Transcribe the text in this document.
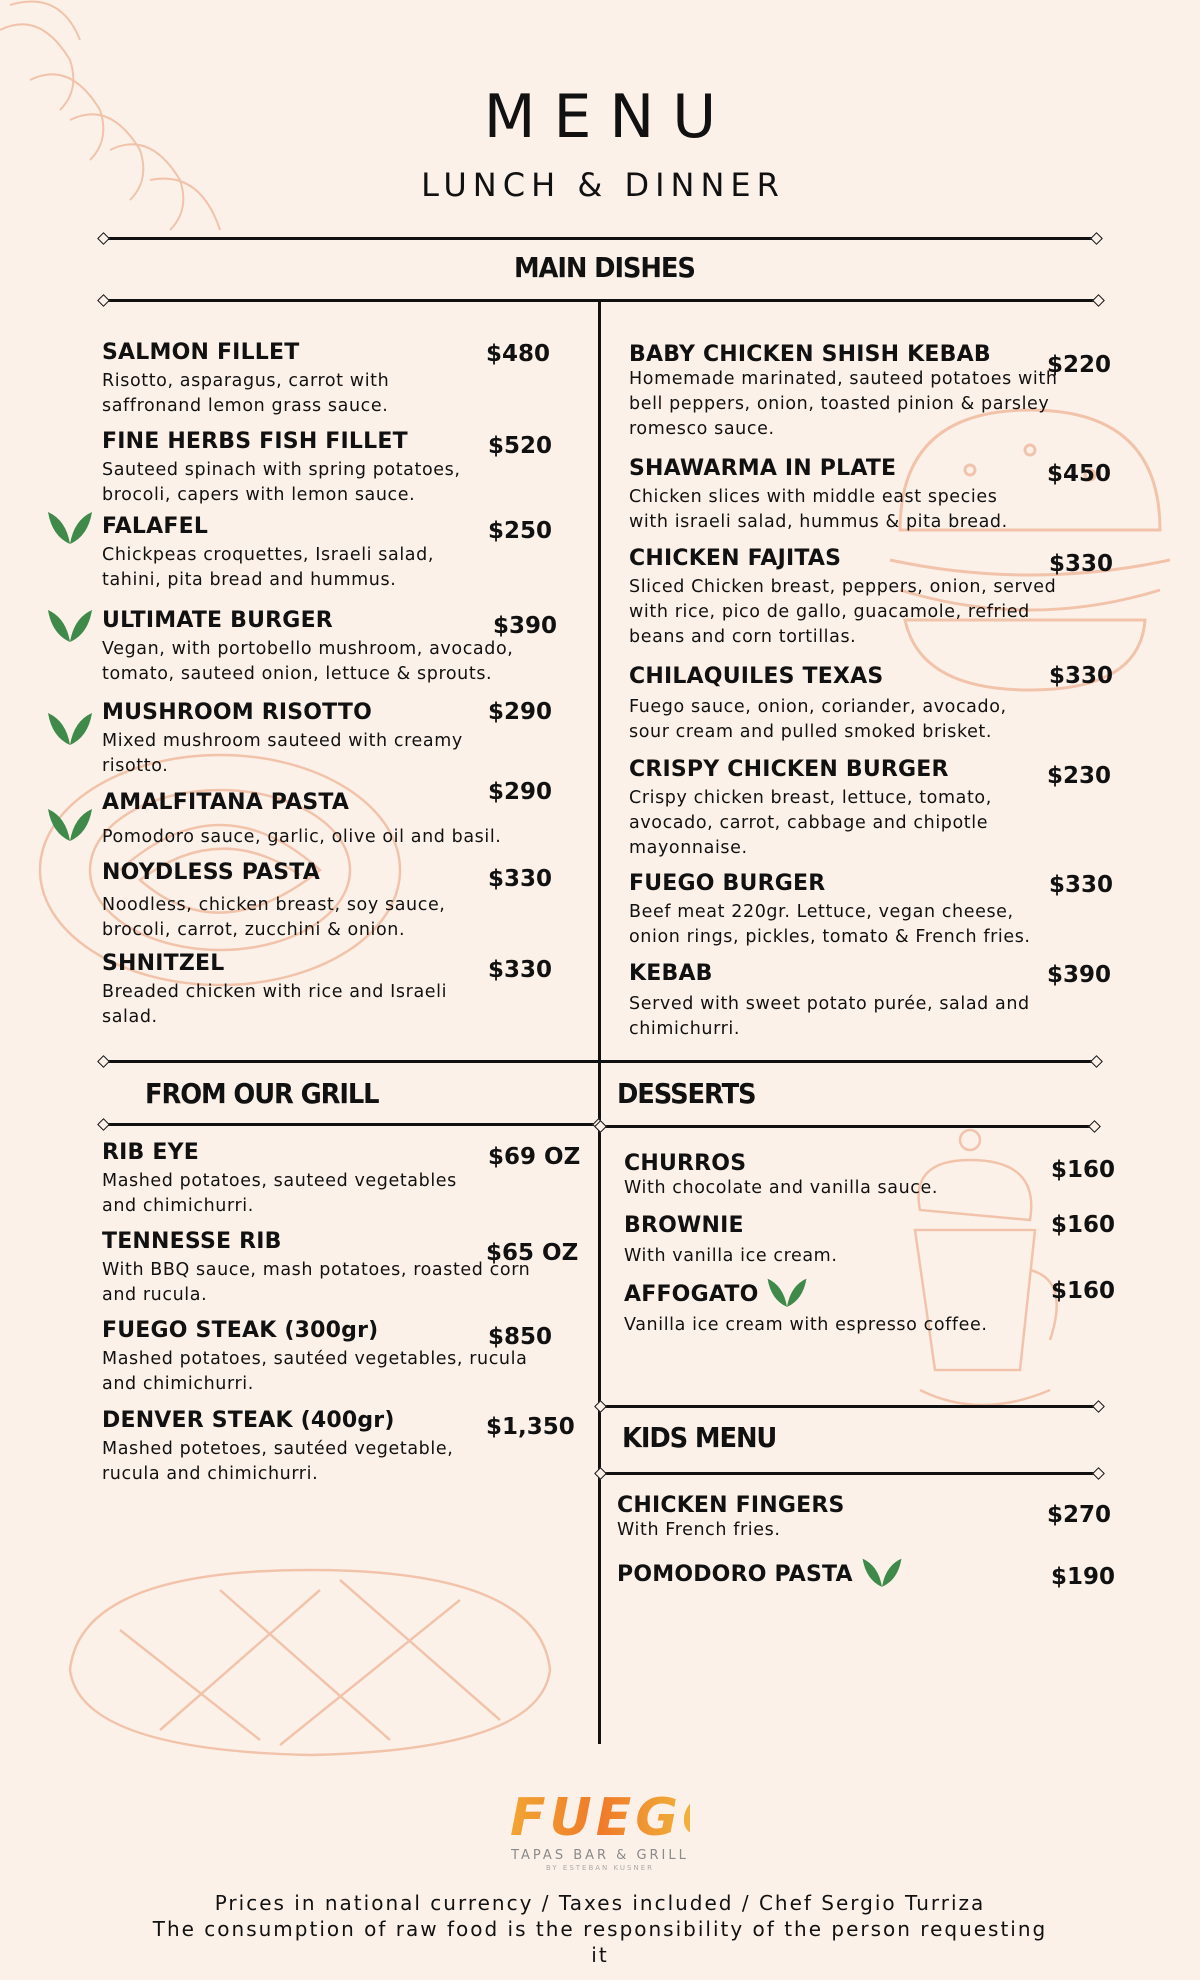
MENU
LUNCH & DINNER
MAIN DISHES
FROM OUR GRILL	DESSERTS
KIDS MENU
SALMON FILLET
Risotto, asparagus, carrot with
saffronand lemon grass sauce.
$480
FINE HERBS FISH FILLET
Sauteed spinach with spring potatoes,
brocoli, capers with lemon sauce.
$520
FALAFEL
Chickpeas croquettes, Israeli salad,
tahini, pita bread and hummus.
$250
ULTIMATE BURGER
Vegan, with portobello mushroom, avocado,
tomato, sauteed onion, lettuce & sprouts.
$390
MUSHROOM RISOTTO
Mixed mushroom sauteed with creamy
risotto.
$290
AMALFITANA PASTA
Pomodoro sauce, garlic, olive oil and basil.
$290
NOYDLESS PASTA
Noodless, chicken breast, soy sauce,
brocoli, carrot, zucchini & onion.
$330
SHNITZEL
Breaded chicken with rice and Israeli
salad.
$330
BABY CHICKEN SHISH KEBAB
Homemade marinated, sauteed potatoes with
bell peppers, onion, toasted pinion & parsley
romesco sauce.
$220
SHAWARMA IN PLATE
Chicken slices with middle east species
with israeli salad, hummus & pita bread.
$450
CHICKEN FAJITAS
Sliced Chicken breast, peppers, onion, served
with rice, pico de gallo, guacamole, refried
beans and corn tortillas.
$330
CHILAQUILES TEXAS
Fuego sauce, onion, coriander, avocado,
sour cream and pulled smoked brisket.
$330
CRISPY CHICKEN BURGER
Crispy chicken breast, lettuce, tomato,
avocado, carrot, cabbage and chipotle
mayonnaise.
$230
FUEGO BURGER
Beef meat 220gr. Lettuce, vegan cheese,
onion rings, pickles, tomato & French fries.
$330
KEBAB
Served with sweet potato purée, salad and
chimichurri.
$390
RIB EYE
Mashed potatoes, sauteed vegetables
and chimichurri.
$69 OZ
TENNESSE RIB
With BBQ sauce, mash potatoes, roasted corn
and rucula.
$65 OZ
FUEGO STEAK (300gr)
Mashed potatoes, sautéed vegetables, rucula
and chimichurri.
$850
DENVER STEAK (400gr)
Mashed potetoes, sautéed vegetable,
rucula and chimichurri.
$1,350
CHURROS
With chocolate and vanilla sauce.
$160
BROWNIE
With vanilla ice cream.
$160
AFFOGATO
Vanilla ice cream with espresso coffee.
$160
CHICKEN FINGERS
With French fries.
$270
POMODORO PASTA	$190
FUEGO
TAPAS BAR & GRILL
BY ESTEBAN KUSNER
Prices in national currency / Taxes included / Chef Sergio Turriza
The consumption of raw food is the responsibility of the person requesting
it
